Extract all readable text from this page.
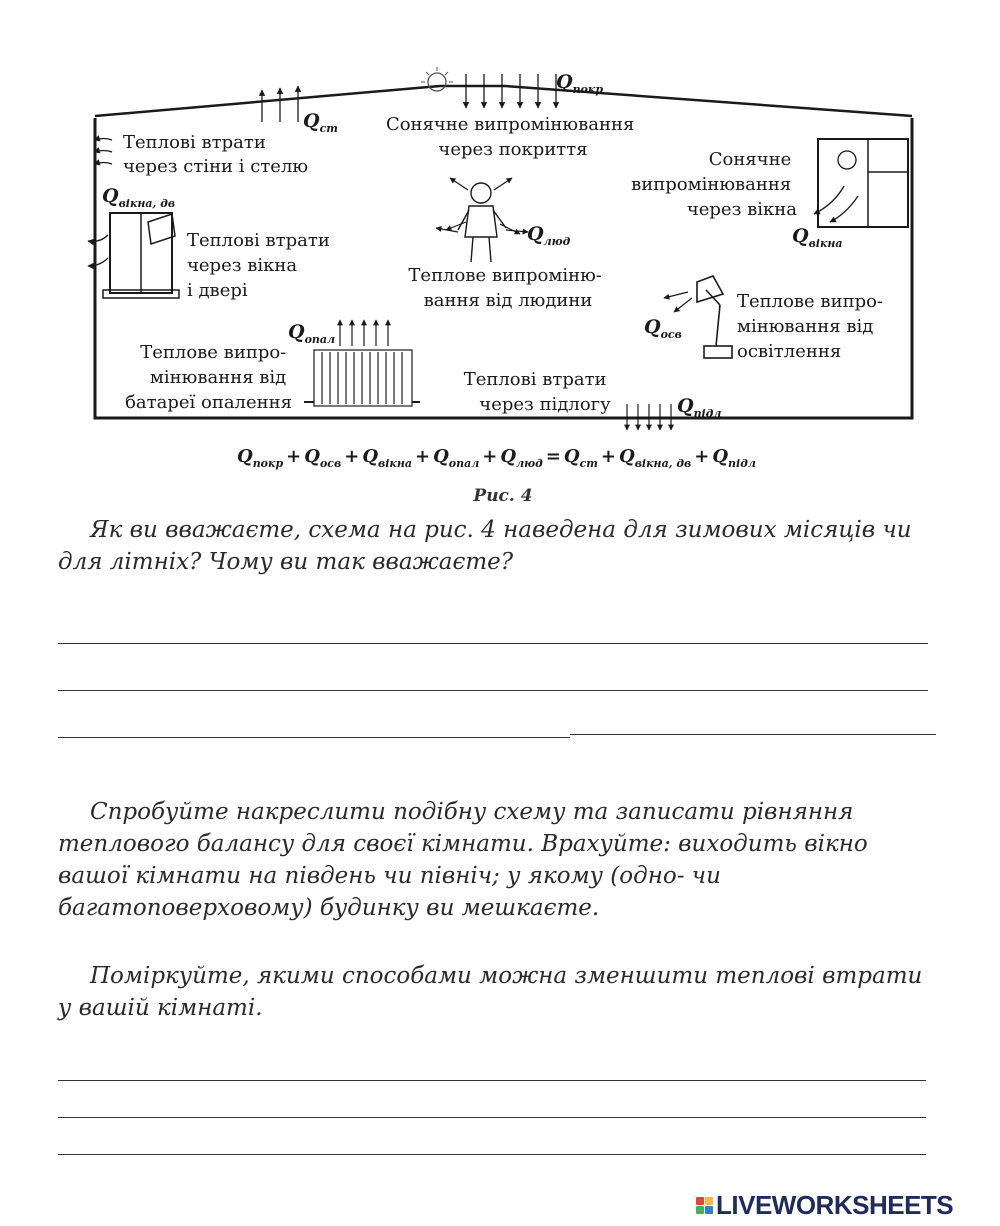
Теплові втрати через стіни і стелю
Сонячне випромінювання через покриття	Сонячне випромінювання через вікна
Теплові втрати через вікна і двері
Теплове випроміню- вання від людини	Теплове випро- мінювання від освітлення
Теплове випро- мінювання від батареї опалення
Теплові втрати через підлогу
$Q_{покр}$
$Q_{ст}$
$Q_{вікна, дв}$
$Q_{вікна}$
$Q_{люд}$
$Q_{осв}$
$Q_{опал}$
$Q_{підл}$
$Q_{покр} + Q_{осв} + Q_{вікна} + Q_{опал} + Q_{люд} = Q_{ст} + Q_{вікна, дв} + Q_{підл}$
Рис. 4

Як ви вважаєте, схема на рис. 4 наведена для зимових місяців чи для літніх? Чому ви так вважаєте?

Спробуйте накреслити подібну схему та записати рівняння теплового балансу для своєї кімнати. Врахуйте: виходить вікно вашої кімнати на південь чи північ; у якому (одно- чи багатоповерховому) будинку ви мешкаєте.

Поміркуйте, якими способами можна зменшити теплові втрати у вашій кімнаті.

LIVEWORKSHEETS
